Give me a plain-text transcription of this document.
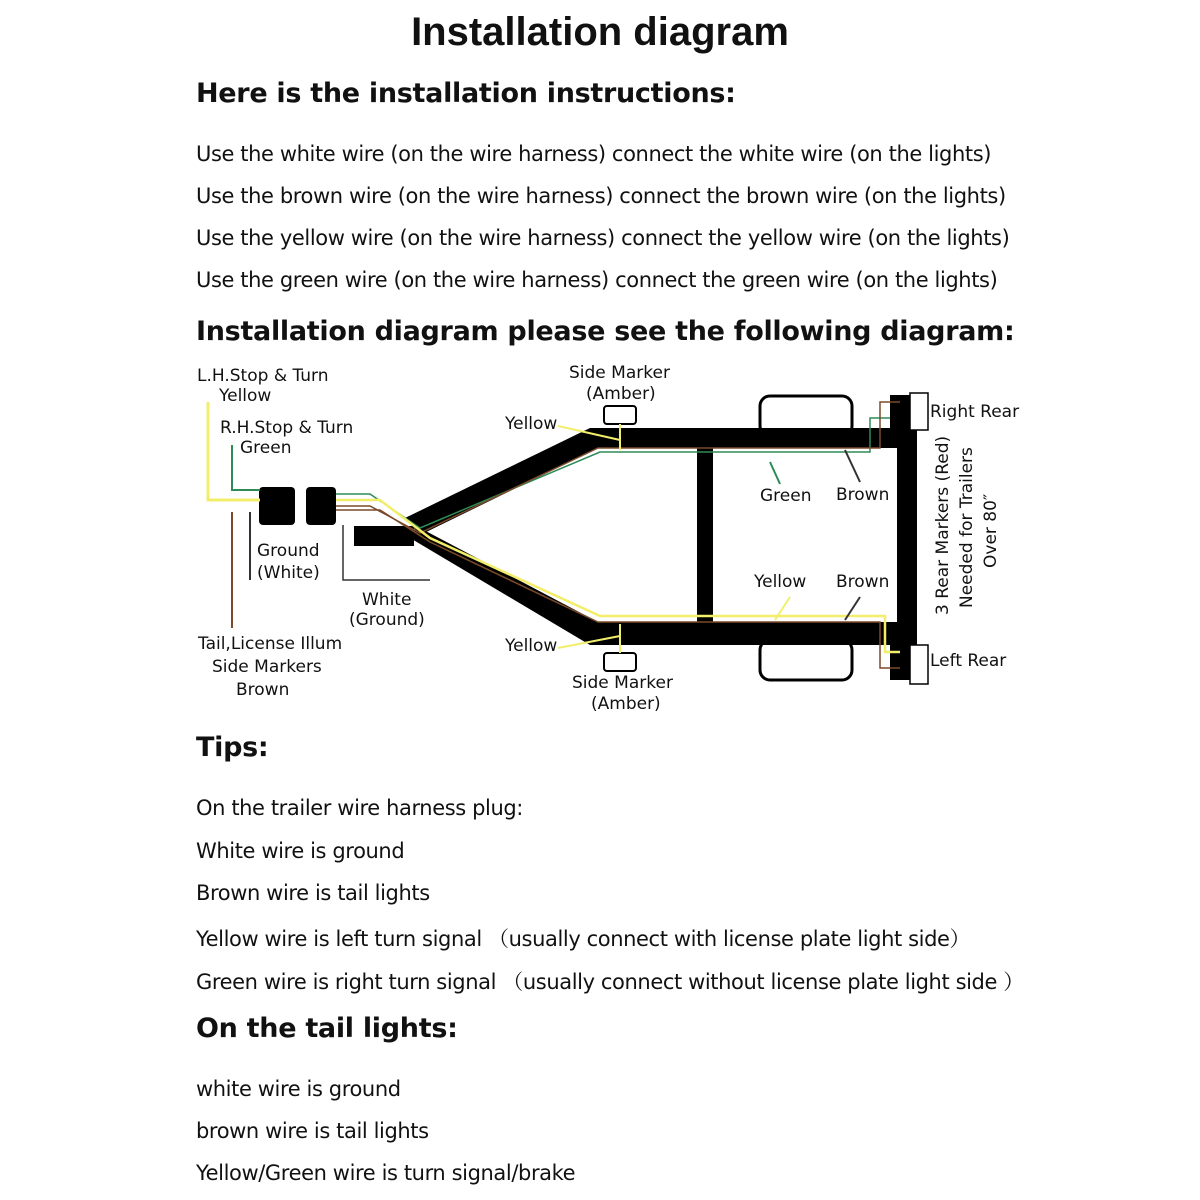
Installation diagram
Here is the installation instructions:
Use the white wire (on the wire harness) connect the white wire (on the lights)
Use the brown wire (on the wire harness) connect the brown wire (on the lights)
Use the yellow wire (on the wire harness) connect the yellow wire (on the lights)
Use the green wire (on the wire harness) connect the green wire (on the lights)
Installation diagram please see the following diagram:
L.H.Stop & Turn
Yellow
R.H.Stop & Turn
Green
Ground
(White)
White
(Ground)
Tail,License Illum
Side Markers
Brown
Side Marker
(Amber)
Yellow
Yellow
Side Marker
(Amber)
Green Brown
Yellow Brown
Right Rear
Left Rear
3 Rear Markers (Red) Needed for Trailers Over 80″
Tips:
On the trailer wire harness plug:
White wire is ground
Brown wire is tail lights
Yellow wire is left turn signal （usually connect with license plate light side）
Green wire is right turn signal （usually connect without license plate light side ）
On the tail lights:
white wire is ground
brown wire is tail lights
Yellow/Green wire is turn signal/brake
